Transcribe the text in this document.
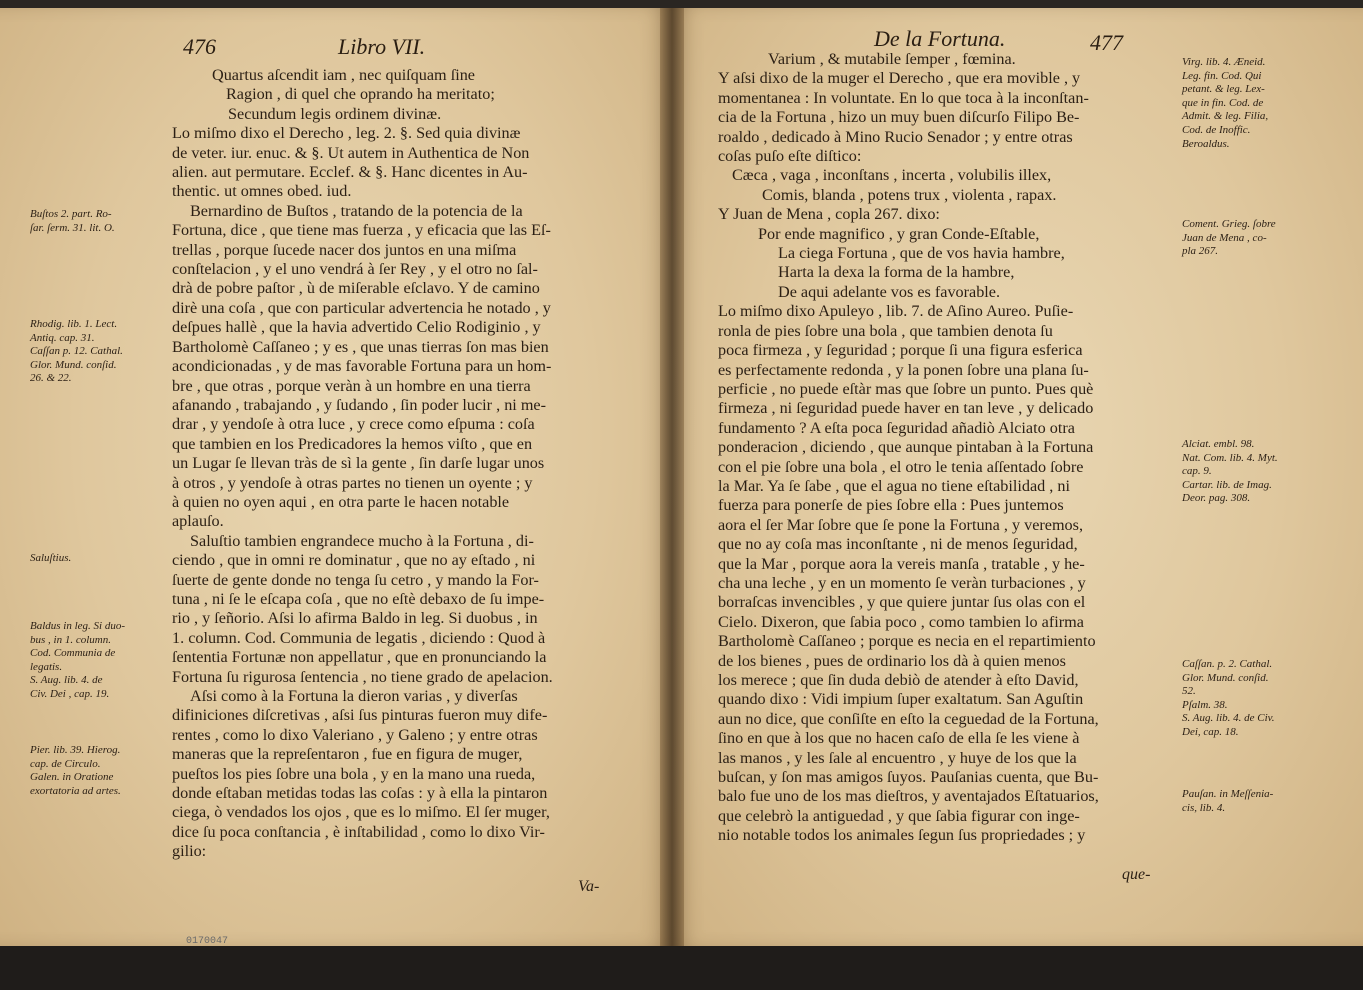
476	Libro VII.
Quartus aſcendit iam , nec quiſquam ſine
Ragion , di quel che oprando ha meritato;
Secundum legis ordinem divinæ.
Lo miſmo dixo el Derecho , leg. 2. §. Sed quia divinæ
de veter. iur. enuc. & §. Ut autem in Authentica de Non
alien. aut permutare. Ecclef. & §. Hanc dicentes in Au-
thentic. ut omnes obed. iud.
Bernardino de Buſtos , tratando de la potencia de la
Fortuna, dice , que tiene mas fuerza , y eficacia que las Eſ-
trellas , porque ſucede nacer dos juntos en una miſma
conſtelacion , y el uno vendrá à ſer Rey , y el otro no ſal-
drà de pobre paſtor , ù de miſerable eſclavo. Y de camino
dirè una coſa , que con particular advertencia he notado , y
deſpues hallè , que la havia advertido Celio Rodiginio , y
Bartholomè Caſſaneo ; y es , que unas tierras ſon mas bien
acondicionadas , y de mas favorable Fortuna para un hom-
bre , que otras , porque veràn à un hombre en una tierra
afanando , trabajando , y ſudando , ſin poder lucir , ni me-
drar , y yendoſe à otra luce , y crece como eſpuma : coſa
que tambien en los Predicadores la hemos viſto , que en
un Lugar ſe llevan tràs de sì la gente , ſin darſe lugar unos
à otros , y yendoſe à otras partes no tienen un oyente ; y
à quien no oyen aqui , en otra parte le hacen notable
aplauſo.
Saluſtio tambien engrandece mucho à la Fortuna , di-
ciendo , que in omni re dominatur , que no ay eſtado , ni
ſuerte de gente donde no tenga ſu cetro , y mando la For-
tuna , ni ſe le eſcapa coſa , que no eſtè debaxo de ſu impe-
rio , y ſeñorio. Aſsi lo afirma Baldo in leg. Si duobus , in
1. column. Cod. Communia de legatis , diciendo : Quod à
ſententia Fortunæ non appellatur , que en pronunciando la
Fortuna ſu rigurosa ſentencia , no tiene grado de apelacion.
Aſsi como à la Fortuna la dieron varias , y diverſas
difiniciones diſcretivas , aſsi ſus pinturas fueron muy dife-
rentes , como lo dixo Valeriano , y Galeno ; y entre otras
maneras que la repreſentaron , fue en figura de muger,
pueſtos los pies ſobre una bola , y en la mano una rueda,
donde eſtaban metidas todas las coſas : y à ella la pintaron
ciega, ò vendados los ojos , que es lo miſmo. El ſer muger,
dice ſu poca conſtancia , è inſtabilidad , como lo dixo Vir-
gilio:
Va-
Buſtos 2. part. Ro-
ſar. ſerm. 31. lit. O.
Rhodig. lib. 1. Lect.
Antiq. cap. 31.
Caſſan p. 12. Cathal.
Glor. Mund. conſid.
26. & 22.
Saluſtius.
Baldus in leg. Si duo-
bus , in 1. column.
Cod. Communia de
legatis.
S. Aug. lib. 4. de
Civ. Dei , cap. 19.
Pier. lib. 39. Hierog.
cap. de Circulo.
Galen. in Oratione
exortatoria ad artes.
De la Fortuna.	477
Varium , & mutabile ſemper , fœmina.
Y aſsi dixo de la muger el Derecho , que era movible , y
momentanea : In voluntate. En lo que toca à la inconſtan-
cia de la Fortuna , hizo un muy buen diſcurſo Filipo Be-
roaldo , dedicado à Mino Rucio Senador ; y entre otras
coſas puſo eſte diſtico:
Cæca , vaga , inconſtans , incerta , volubilis illex,
Comis, blanda , potens trux , violenta , rapax.
Y Juan de Mena , copla 267. dixo:
Por ende magnifico , y gran Conde-Eſtable,
La ciega Fortuna , que de vos havia hambre,
Harta la dexa la forma de la hambre,
De aqui adelante vos es favorable.
Lo miſmo dixo Apuleyo , lib. 7. de Aſino Aureo. Puſie-
ronla de pies ſobre una bola , que tambien denota ſu
poca firmeza , y ſeguridad ; porque ſi una figura esferica
es perfectamente redonda , y la ponen ſobre una plana ſu-
perficie , no puede eſtàr mas que ſobre un punto. Pues què
firmeza , ni ſeguridad puede haver en tan leve , y delicado
fundamento ? A eſta poca ſeguridad añadiò Alciato otra
ponderacion , diciendo , que aunque pintaban à la Fortuna
con el pie ſobre una bola , el otro le tenia aſſentado ſobre
la Mar. Ya ſe ſabe , que el agua no tiene eſtabilidad , ni
fuerza para ponerſe de pies ſobre ella : Pues juntemos
aora el ſer Mar ſobre que ſe pone la Fortuna , y veremos,
que no ay coſa mas inconſtante , ni de menos ſeguridad,
que la Mar , porque aora la vereis manſa , tratable , y he-
cha una leche , y en un momento ſe veràn turbaciones , y
borraſcas invencibles , y que quiere juntar ſus olas con el
Cielo. Dixeron, que ſabia poco , como tambien lo afirma
Bartholomè Caſſaneo ; porque es necia en el repartimiento
de los bienes , pues de ordinario los dà à quien menos
los merece ; que ſin duda debiò de atender à eſto David,
quando dixo : Vidi impium ſuper exaltatum. San Aguſtin
aun no dice, que conſiſte en eſto la ceguedad de la Fortuna,
ſino en que à los que no hacen caſo de ella ſe les viene à
las manos , y les ſale al encuentro , y huye de los que la
buſcan, y ſon mas amigos ſuyos. Pauſanias cuenta, que Bu-
balo fue uno de los mas dieſtros, y aventajados Eſtatuarios,
que celebrò la antiguedad , y que ſabia figurar con inge-
nio notable todos los animales ſegun ſus propriedades ; y
que-
Virg. lib. 4. Æneid.
Leg. fin. Cod. Qui
petant. & leg. Lex-
que in fin. Cod. de
Admit. & leg. Filia,
Cod. de Inoffic.
Beroaldus.
Coment. Grieg. ſobre
Juan de Mena , co-
pla 267.
Alciat. embl. 98.
Nat. Com. lib. 4. Myt.
cap. 9.
Cartar. lib. de Imag.
Deor. pag. 308.
Caſſan. p. 2. Cathal.
Glor. Mund. conſid.
52.
Pſalm. 38.
S. Aug. lib. 4. de Civ.
Dei, cap. 18.
Pauſan. in Meſſenia-
cis, lib. 4.
0170047
